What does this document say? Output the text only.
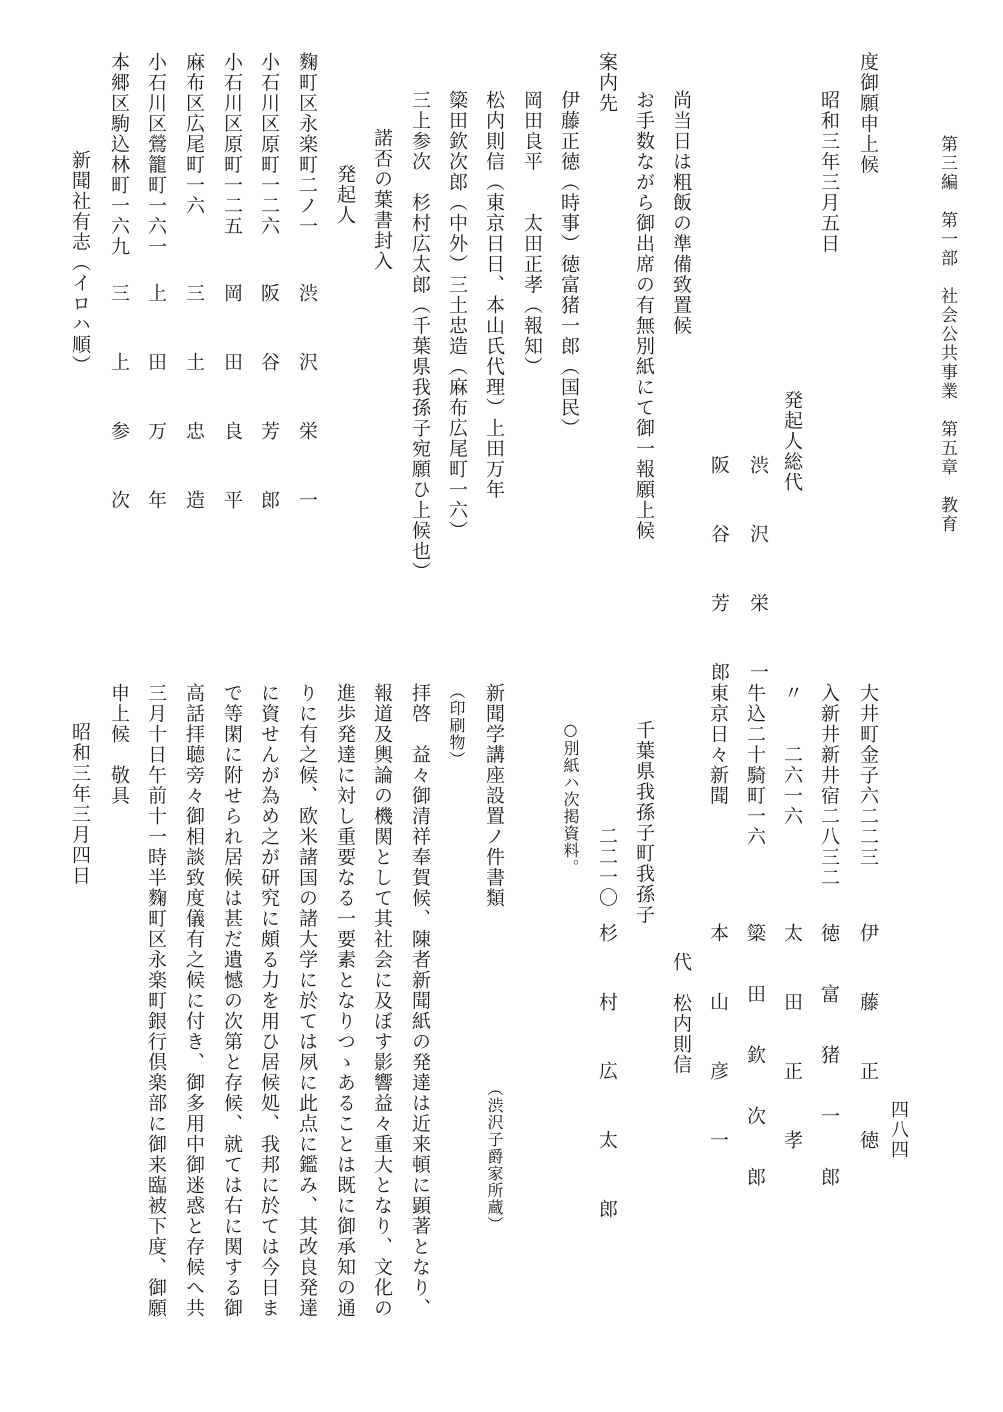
第三編　第一部　社会公共事業　第五章　教育
四八四
度御願申上候
昭和三年三月五日
発起人総代
渋 沢 栄 一
阪 谷 芳 郎
尚当日は粗飯の準備致置候
お手数ながら御出席の有無別紙にて御一報願上候
案内先
伊藤正徳（時事）徳富猪一郎（国民）
岡田良平　　太田正孝（報知）
松内則信（東京日日、本山氏代理）上田万年
簗田欽次郎（中外）三土忠造（麻布広尾町一六）
三上参次　杉村広太郎（千葉県我孫子宛願ひ上候也）
諾否の葉書封入
発起人
麴町区永楽町二ノ一
渋 沢 栄 一
小石川区原町一二六
阪 谷 芳 郎
小石川区原町一二五
岡 田 良 平
麻布区広尾町一六
三 土 忠 造
小石川区鶯籠町一六一
上 田 万 年
本郷区駒込林町一六九
三 上 参 次
新聞社有志（イロハ順）
大井町金子六二二三
伊 藤 正 徳
入新井新井宿二八三二
徳 富 猪 一 郎
〃　　二六一六
太 田 正 孝
牛込二十騎町一六
簗 田 欽 次 郎
東京日々新聞
本 山 彦 一
代　松内則信
千葉県我孫子町我孫子
二二一〇
杉 村 広 太 郎
○別紙ハ次掲資料。
新聞学講座設置ノ件書類
（渋沢子爵家所蔵）
（印刷物）
拝啓　益々御清祥奉賀候、陳者新聞紙の発達は近来頓に顕著となり、
報道及輿論の機関として其社会に及ぼす影響益々重大となり、文化の
進歩発達に対し重要なる一要素となりつゝあることは既に御承知の通
りに有之候、欧米諸国の諸大学に於ては夙に此点に鑑み、其改良発達
に資せんが為め之が研究に頗る力を用ひ居候処、我邦に於ては今日ま
で等閑に附せられ居候は甚だ遺憾の次第と存候、就ては右に関する御
高話拝聴旁々御相談致度儀有之候に付き、御多用中御迷惑と存候へ共
三月十日午前十一時半麴町区永楽町銀行倶楽部に御来臨被下度、御願
申上候　敬具
昭和三年三月四日
